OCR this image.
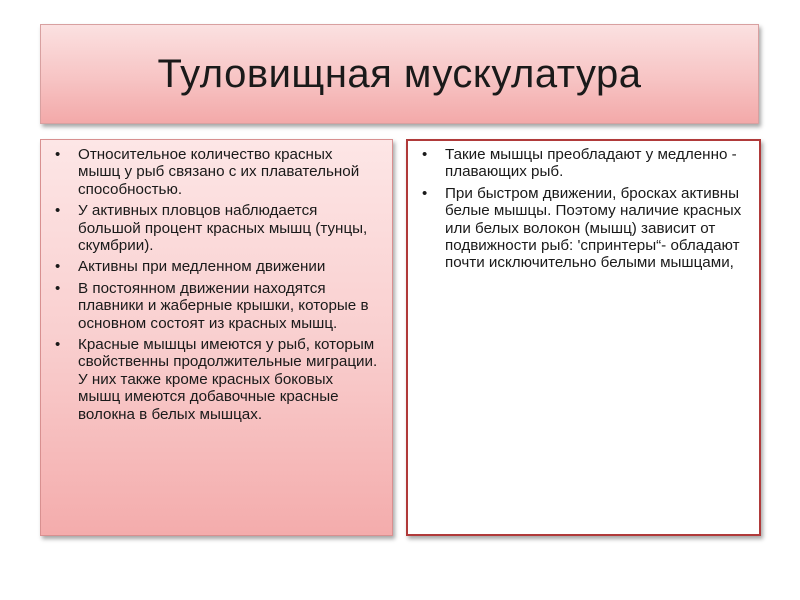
Туловищная мускулатура
• Относительное количество красных мышц у рыб связано с их плавательной способностью.
• У активных пловцов наблюдается большой процент красных мышц (тунцы, скумбрии).
• Активны при медленном движении
• В постоянном движении находятся плавники и жаберные крышки, которые в основном состоят из красных мышц.
• Красные мышцы имеются у рыб, которым свойственны продолжительные миграции. У них также кроме красных боковых мышц имеются добавочные красные волокна в белых мышцах.
• Такие мышцы преобладают у медленно - плавающих рыб.
• При быстром движении, бросках активны белые мышцы. Поэтому наличие красных или белых волокон (мышц) зависит от подвижности рыб: 'спринтеры“- обладают почти исключительно белыми мышцами,
